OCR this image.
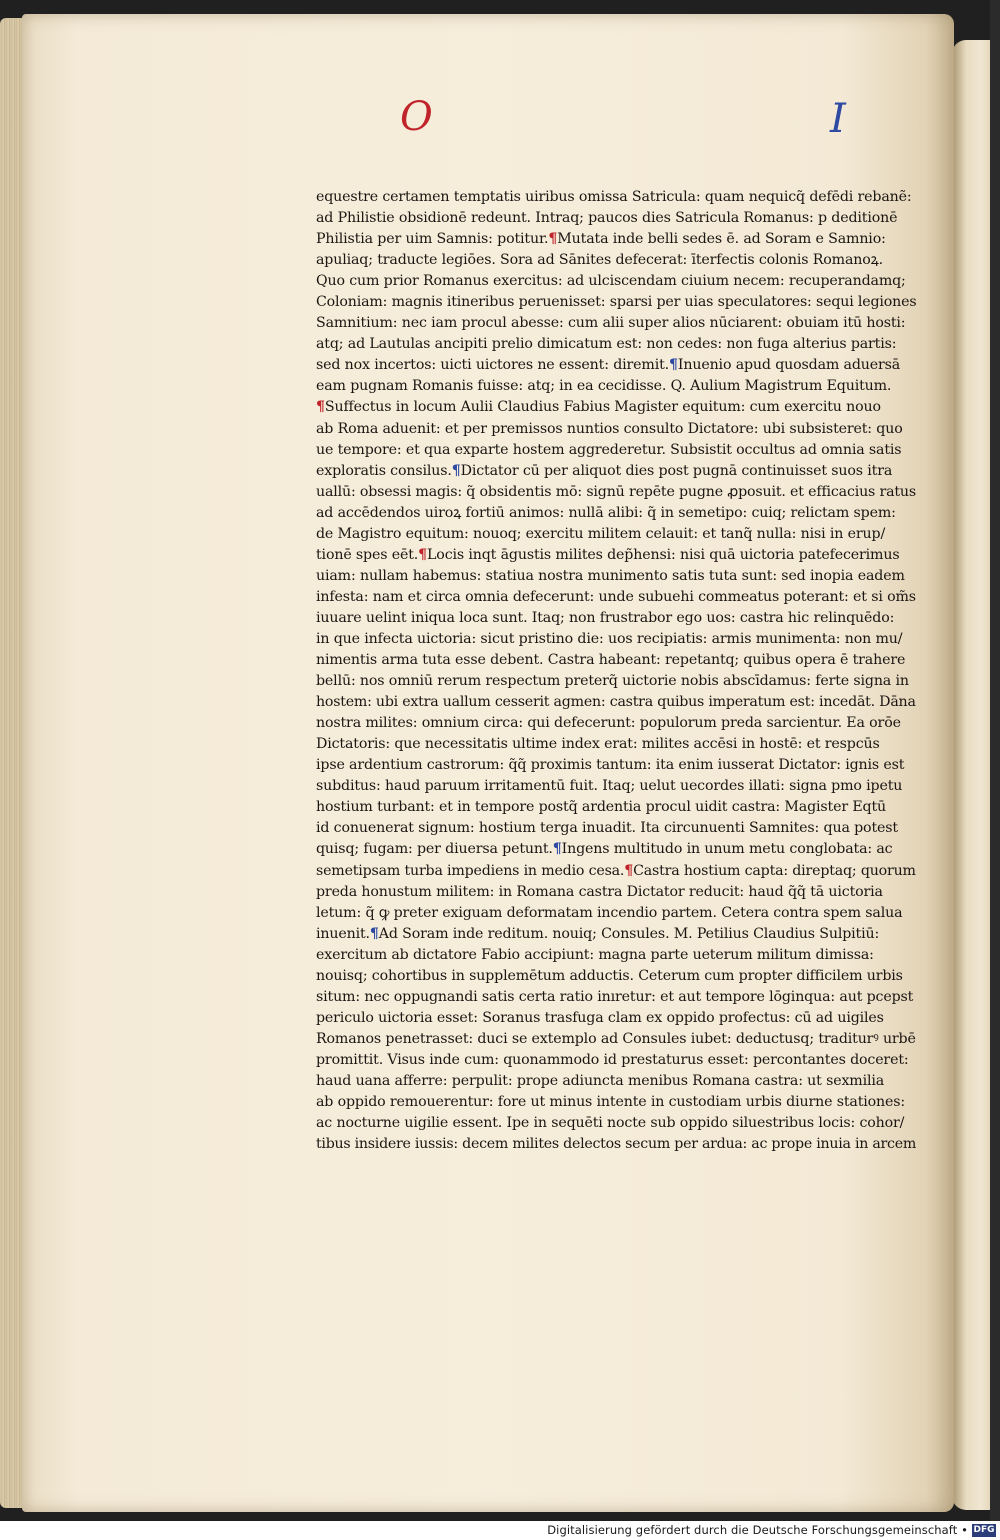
O	I
equestre certamen temptatis uiribus omissa Satricula: quam nequicq̃ defēdi rebanẽ:
ad Philistie obsidionē redeunt. Intraq; paucos dies Satricula Romanus: p deditionē
Philistia per uim Samnis: potitur.¶Mutata inde belli sedes ē. ad Soram e Samnio:
apuliaq; traducte legiōes. Sora ad Sānites defecerat: īterfectis colonis Romanoꝝ.
Quo cum prior Romanus exercitus: ad ulciscendam ciuium necem: recuperandamq;
Coloniam: magnis itineribus peruenisset: sparsi per uias speculatores: sequi legiones
Samnitium: nec iam procul abesse: cum alii super alios nūciarent: obuiam itū hosti:
atq; ad Lautulas ancipiti prelio dimicatum est: non cedes: non fuga alterius partis:
sed nox incertos: uicti uictores ne essent: diremit.¶Inuenio apud quosdam aduersā
eam pugnam Romanis fuisse: atq; in ea cecidisse. Q. Aulium Magistrum Equitum.
¶Suffectus in locum Aulii Claudius Fabius Magister equitum: cum exercitu nouo
ab Roma aduenit: et per premissos nuntios consulto Dictatore: ubi subsisteret: quo
ue tempore: et qua exparte hostem aggrederetur. Subsistit occultus ad omnia satis
exploratis consilus.¶Dictator cū per aliquot dies post pugnā continuisset suos itra
uallū: obsessi magis: q̃ obsidentis mō: signū repēte pugne ꝓposuit. et efficacius ratus
ad accēdendos uiroꝝ fortiū animos: nullā alibi: q̃ in semetipo: cuiq; relictam spem:
de Magistro equitum: nouoq; exercitu militem celauit: et tanq̃ nulla: nisi in erup/
tionē spes eēt.¶Locis inqt āgustis milites dep̃hensi: nisi quā uictoria patefecerimus
uiam: nullam habemus: statiua nostra munimento satis tuta sunt: sed inopia eadem
infesta: nam et circa omnia defecerunt: unde subuehi commeatus poterant: et si om̃s
iuuare uelint iniqua loca sunt. Itaq; non frustrabor ego uos: castra hic relinquēdo:
in que infecta uictoria: sicut pristino die: uos recipiatis: armis munimenta: non mu/
nimentis arma tuta esse debent. Castra habeant: repetantq; quibus opera ē trahere
bellū: nos omniū rerum respectum preterq̃ uictorie nobis abscīdamus: ferte signa in
hostem: ubi extra uallum cesserit agmen: castra quibus imperatum est: incedāt. Dāna
nostra milites: omnium circa: qui defecerunt: populorum preda sarcientur. Ea orōe
Dictatoris: que necessitatis ultime index erat: milites accēsi in hostē: et respcūs
ipse ardentium castrorum: q̃q̃ proximis tantum: ita enim iusserat Dictator: ignis est
subditus: haud paruum irritamentū fuit. Itaq; uelut uecordes illati: signa pmo ipetu
hostium turbant: et in tempore postq̃ ardentia procul uidit castra: Magister Eqtū
id conuenerat signum: hostium terga inuadit. Ita circunuenti Samnites: qua potest
quisq; fugam: per diuersa petunt.¶Ingens multitudo in unum metu conglobata: ac
semetipsam turba impediens in medio cesa.¶Castra hostium capta: direptaq; quorum
preda honustum militem: in Romana castra Dictator reducit: haud q̃q̃ tā uictoria
letum: q̃ ꝙ preter exiguam deformatam incendio partem. Cetera contra spem salua
inuenit.¶Ad Soram inde reditum. nouiq; Consules. M. Petilius Claudius Sulpitiū:
exercitum ab dictatore Fabio accipiunt: magna parte ueterum militum dimissa:
nouisq; cohortibus in supplemētum adductis. Ceterum cum propter difficilem urbis
situm: nec oppugnandi satis certa ratio inıretur: et aut tempore lōginqua: aut pcepst
periculo uictoria esset: Soranus trasfuga clam ex oppido profectus: cū ad uigiles
Romanos penetrasset: duci se extemplo ad Consules iubet: deductusq; traditurꝰ urbē
promittit. Visus inde cum: quonammodo id prestaturus esset: percontantes doceret:
haud uana afferre: perpulit: prope adiuncta menibus Romana castra: ut sexmilia
ab oppido remouerentur: fore ut minus intente in custodiam urbis diurne stationes:
ac nocturne uigilie essent. Ipe in sequēti nocte sub oppido siluestribus locis: cohor/
tibus insidere iussis: decem milites delectos secum per ardua: ac prope inuia in arcem
Digitalisierung gefördert durch die Deutsche Forschungsgemeinschaft • DFG
